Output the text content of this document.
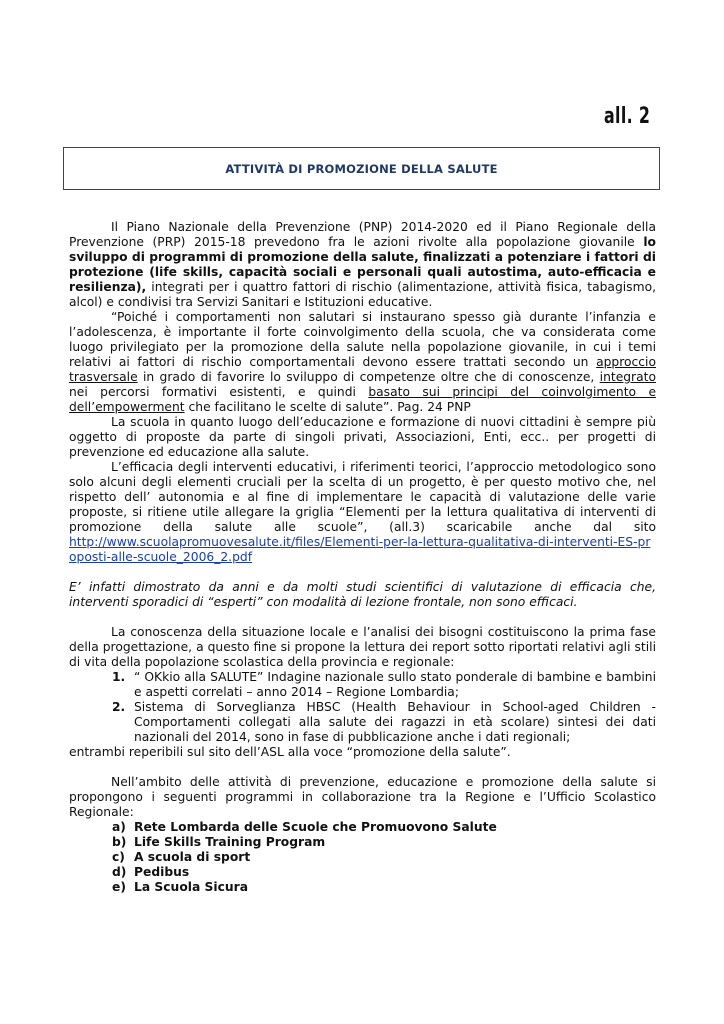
all. 2
ATTIVITÀ DI PROMOZIONE DELLA SALUTE

Il Piano Nazionale della Prevenzione (PNP) 2014-2020 ed il Piano Regionale della Prevenzione (PRP) 2015-18 prevedono fra le azioni rivolte alla popolazione giovanile lo sviluppo di programmi di promozione della salute, finalizzati a potenziare i fattori di protezione (life skills, capacità sociali e personali quali autostima, auto-efficacia e resilienza), integrati per i quattro fattori di rischio (alimentazione, attività fisica, tabagismo, alcol) e condivisi tra Servizi Sanitari e Istituzioni educative.

“Poiché i comportamenti non salutari si instaurano spesso già durante l’infanzia e l’adolescenza, è importante il forte coinvolgimento della scuola, che va considerata come luogo privilegiato per la promozione della salute nella popolazione giovanile, in cui i temi relativi ai fattori di rischio comportamentali devono essere trattati secondo un approccio trasversale in grado di favorire lo sviluppo di competenze oltre che di conoscenze, integrato nei percorsi formativi esistenti, e quindi basato sui principi del coinvolgimento e dell’empowerment che facilitano le scelte di salute”. Pag. 24 PNP

La scuola in quanto luogo dell’educazione e formazione di nuovi cittadini è sempre più oggetto di proposte da parte di singoli privati, Associazioni, Enti, ecc.. per progetti di prevenzione ed educazione alla salute.

L’efficacia degli interventi educativi, i riferimenti teorici, l’approccio metodologico sono solo alcuni degli elementi cruciali per la scelta di un progetto, è per questo motivo che, nel rispetto dell’ autonomia e al fine di implementare le capacità di valutazione delle varie proposte, si ritiene utile allegare la griglia “Elementi per la lettura qualitativa di interventi di promozione della salute alle scuole”, (all.3) scaricabile anche dal sito

http://www.scuolapromuovesalute.it/files/Elementi-per-la-lettura-qualitativa-di-interventi-ES-proposti-alle-scuole_2006_2.pdf

E’ infatti dimostrato da anni e da molti studi scientifici di valutazione di efficacia che, interventi sporadici di “esperti” con modalità di lezione frontale, non sono efficaci.

La conoscenza della situazione locale e l’analisi dei bisogni costituiscono la prima fase della progettazione, a questo fine si propone la lettura dei report sotto riportati relativi agli stili di vita della popolazione scolastica della provincia e regionale:

1. “ OKkio alla SALUTE” Indagine nazionale sullo stato ponderale di bambine e bambini e aspetti correlati – anno 2014 – Regione Lombardia;
2. Sistema di Sorveglianza HBSC (Health Behaviour in School-aged Children - Comportamenti collegati alla salute dei ragazzi in età scolare) sintesi dei dati nazionali del 2014, sono in fase di pubblicazione anche i dati regionali;

entrambi reperibili sul sito dell’ASL alla voce “promozione della salute”.

Nell’ambito delle attività di prevenzione, educazione e promozione della salute si propongono i seguenti programmi in collaborazione tra la Regione e l’Ufficio Scolastico Regionale:

a) Rete Lombarda delle Scuole che Promuovono Salute
b) Life Skills Training Program
c) A scuola di sport
d) Pedibus
e) La Scuola Sicura
